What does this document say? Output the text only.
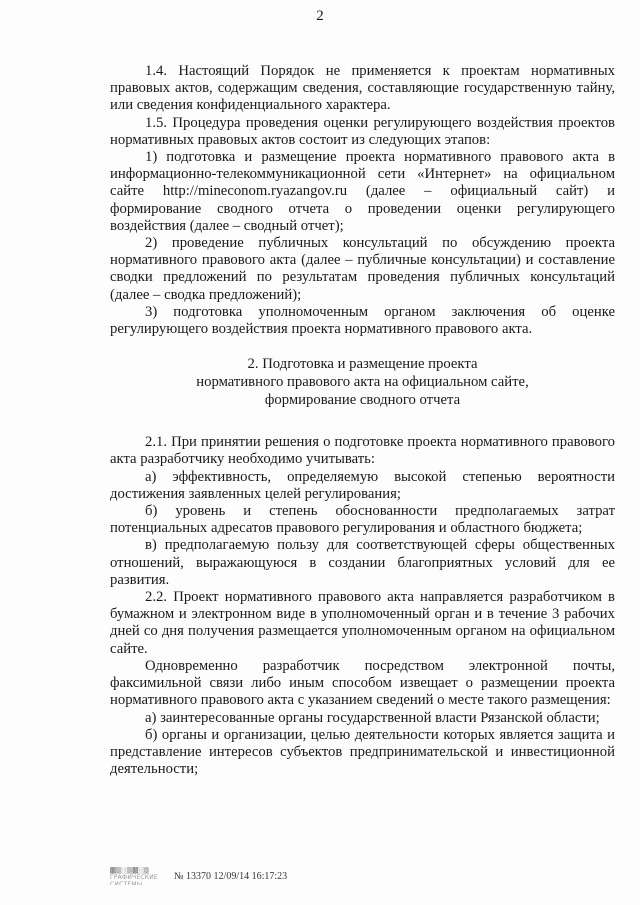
2

1.4. Настоящий Порядок не применяется к проектам нормативных правовых актов, содержащим сведения, составляющие государственную тайну, или сведения конфиденциального характера.

1.5. Процедура проведения оценки регулирующего воздействия проектов нормативных правовых актов состоит из следующих этапов:

1) подготовка и размещение проекта нормативного правового акта в информационно-телекоммуникационной сети «Интернет» на официальном сайте http://mineconom.ryazangov.ru (далее – официальный сайт) и формирование сводного отчета о проведении оценки регулирующего воздействия (далее – сводный отчет);

2) проведение публичных консультаций по обсуждению проекта нормативного правового акта (далее – публичные консультации) и составление сводки предложений по результатам проведения публичных консультаций (далее – сводка предложений);

3) подготовка уполномоченным органом заключения об оценке регулирующего воздействия проекта нормативного правового акта.

2. Подготовка и размещение проекта

нормативного правового акта на официальном сайте,

формирование сводного отчета

2.1. При принятии решения о подготовке проекта нормативного правового акта разработчику необходимо учитывать:

а) эффективность, определяемую высокой степенью вероятности достижения заявленных целей регулирования;

б) уровень и степень обоснованности предполагаемых затрат потенциальных адресатов правового регулирования и областного бюджета;

в) предполагаемую пользу для соответствующей сферы общественных отношений, выражающуюся в создании благоприятных условий для ее развития.

2.2. Проект нормативного правового акта направляется разработчиком в бумажном и электронном виде в уполномоченный орган и в течение 3 рабочих дней со дня получения размещается уполномоченным органом на официальном сайте.

Одновременно разработчик посредством электронной почты, факсимильной связи либо иным способом извещает о размещении проекта нормативного правового акта с указанием сведений о месте такого размещения:

а) заинтересованные органы государственной власти Рязанской области;

б) органы и организации, целью деятельности которых является защита и представление интересов субъектов предпринимательской и инвестиционной деятельности;

▓▒░▒▓░▒
ГРАФИЧЕСКИЕ СИСТЕМЫ
№ 13370 12/09/14 16:17:23
